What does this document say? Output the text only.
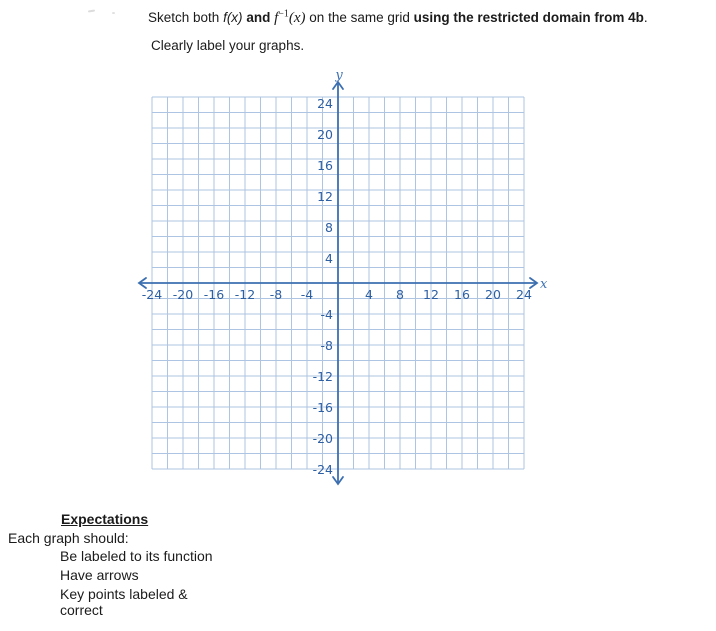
Sketch both f(x) and $f^{-1}(x)$ on the same grid using the restricted domain from 4b.

Clearly label your graphs.

-24 -20 -16 -12 -8 -4	4 8 12 16 20 24
24
20
16
12
8
4
-4
-8
-12
-16
-20
-24
x
y
Expectations
Each graph should:
Be labeled to its function
Have arrows
Key points labeled & correct
